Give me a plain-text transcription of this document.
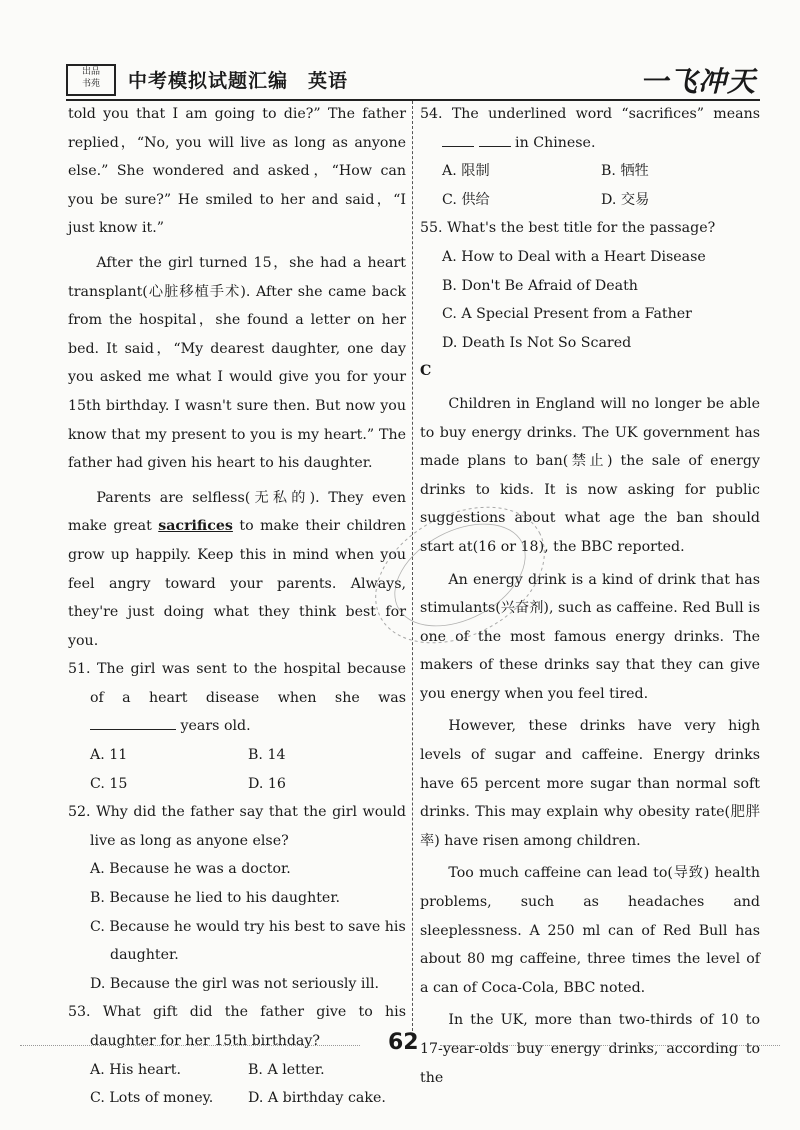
出品
书苑	中考模拟试题汇编　英语	一飞冲天

told you that I am going to die?” The father replied，“No, you will live as long as anyone else.” She wondered and asked，“How can you be sure?” He smiled to her and said，“I just know it.”

After the girl turned 15，she had a heart transplant(心脏移植手术). After she came back from the hospital，she found a letter on her bed. It said，“My dearest daughter, one day you asked me what I would give you for your 15th birthday. I wasn't sure then. But now you know that my present to you is my heart.” The father had given his heart to his daughter.

Parents are selfless(无私的). They even make great sacrifices to make their children grow up happily. Keep this in mind when you feel angry toward your parents. Always, they're just doing what they think best for you.

51. The girl was sent to the hospital because of a heart disease when she was  years old.
A. 11	B. 14
C. 15	D. 16
52. Why did the father say that the girl would live as long as anyone else?
A. Because he was a doctor.
B. Because he lied to his daughter.
C. Because he would try his best to save his daughter.
D. Because the girl was not seriously ill.
53. What gift did the father give to his daughter for her 15th birthday?
A. His heart.	B. A letter.
C. Lots of money.	D. A birthday cake.
54. The underlined word “sacrifices” means   in Chinese.
A. 限制	B. 牺牲
C. 供给	D. 交易
55. What's the best title for the passage?
A. How to Deal with a Heart Disease
B. Don't Be Afraid of Death
C. A Special Present from a Father
D. Death Is Not So Scared

C

Children in England will no longer be able to buy energy drinks. The UK government has made plans to ban(禁止) the sale of energy drinks to kids. It is now asking for public suggestions about what age the ban should start at(16 or 18), the BBC reported.

An energy drink is a kind of drink that has stimulants(兴奋剂), such as caffeine. Red Bull is one of the most famous energy drinks. The makers of these drinks say that they can give you energy when you feel tired.

However, these drinks have very high levels of sugar and caffeine. Energy drinks have 65 percent more sugar than normal soft drinks. This may explain why obesity rate(肥胖率) have risen among children.

Too much caffeine can lead to(导致) health problems, such as headaches and sleeplessness. A 250 ml can of Red Bull has about 80 mg caffeine, three times the level of a can of Coca-Cola, BBC noted.

In the UK, more than two-thirds of 10 to 17-year-olds buy energy drinks, according to the

62
